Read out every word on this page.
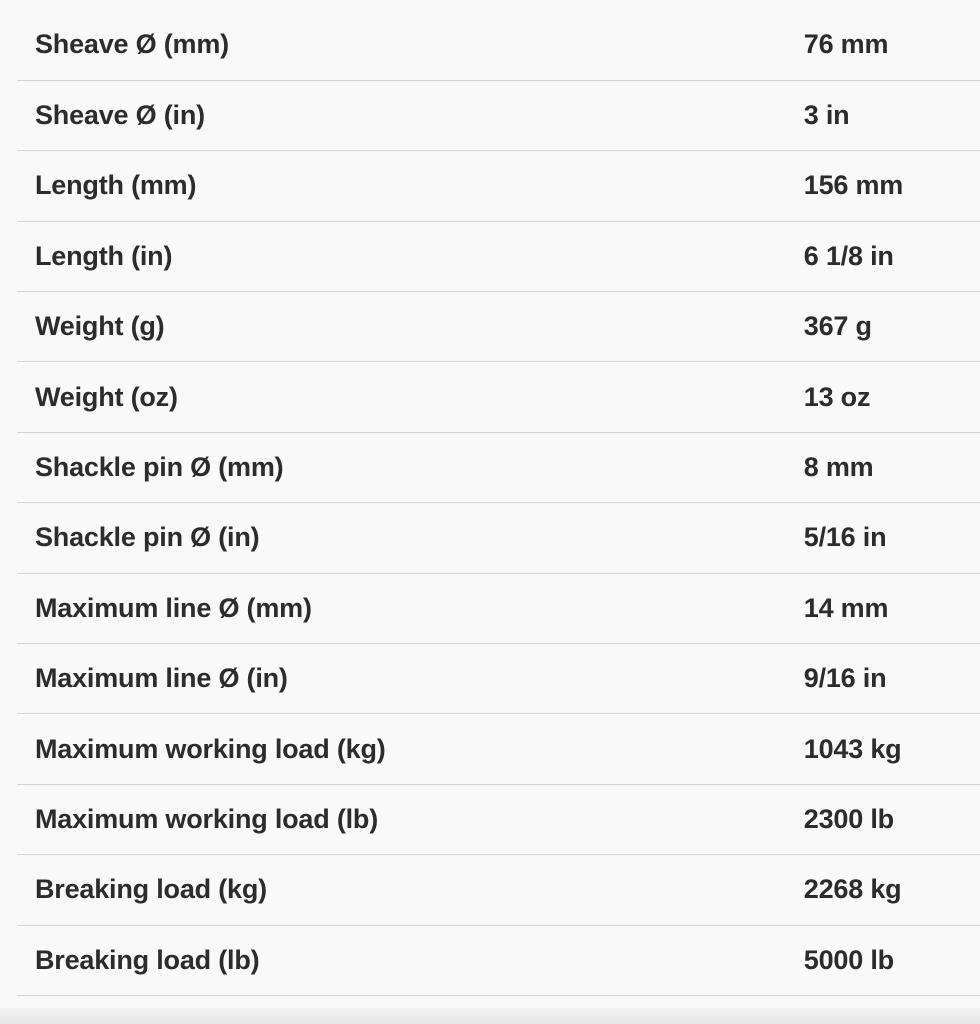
Sheave Ø (mm)	76 mm
Sheave Ø (in)	3 in
Length (mm)	156 mm
Length (in)	6 1/8 in
Weight (g)	367 g
Weight (oz)	13 oz
Shackle pin Ø (mm)	8 mm
Shackle pin Ø (in)	5/16 in
Maximum line Ø (mm)	14 mm
Maximum line Ø (in)	9/16 in
Maximum working load (kg)	1043 kg
Maximum working load (lb)	2300 lb
Breaking load (kg)	2268 kg
Breaking load (lb)	5000 lb
